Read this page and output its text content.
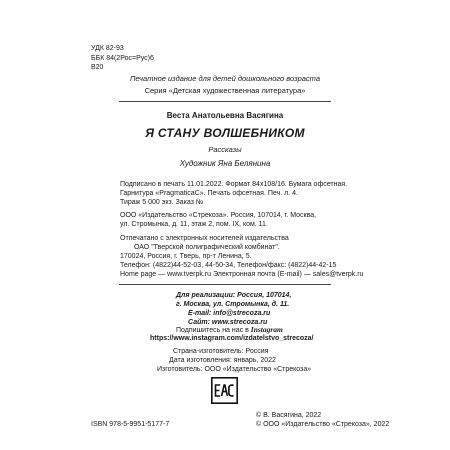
УДК 82-93
ББК 84(2Рос=Рус)6
В20
Печатное издание для детей дошкольного возраста
Серия «Детская художественная литература»
Веста Анатольевна Васягина
Я СТАНУ ВОЛШЕБНИКОМ
Рассказы
Художник Яна Белянина
Подписано в печать 11.01.2022. Формат 84х108/16. Бумага офсетная.
Гарнитура «PragmaticaC». Печать офсетная. Печ. л. 4.
Тираж 5 000 экз. Заказ №
ООО «Издательство «Стрекоза». Россия, 107014, г. Москва,
ул. Стромынка, д. 11, этаж 2, пом. IX, ком. 11.
Отпечатано с электронных носителей издательства
ОАО "Тверской полиграфический комбинат".
170024, Россия, г. Тверь, пр-т Ленина, 5.
Телефон: (4822)44-52-03, 44-50-34, Телефон/факс: (4822)44-42-15
Home page — www.tverpk.ru Электронная почта (E-mail) — sales@tverpk.ru
Для реализации: Россия, 107014,
г. Москва, ул. Стромынка, д. 11.
E-mail: info@strecoza.ru
Сайт: www.strecoza.ru
Подпишитесь на нас в Instagram
https://www.instagram.com/izdatelstvo_strecoza/
Страна-изготовитель: Россия
Дата изготовления: январь, 2022
Изготовитель: ООО «Издательство «Стрекоза»
ISBN 978-5-9951-5177-7
© В. Васягина, 2022
© ООО «Издательство «Стрекоза», 2022
